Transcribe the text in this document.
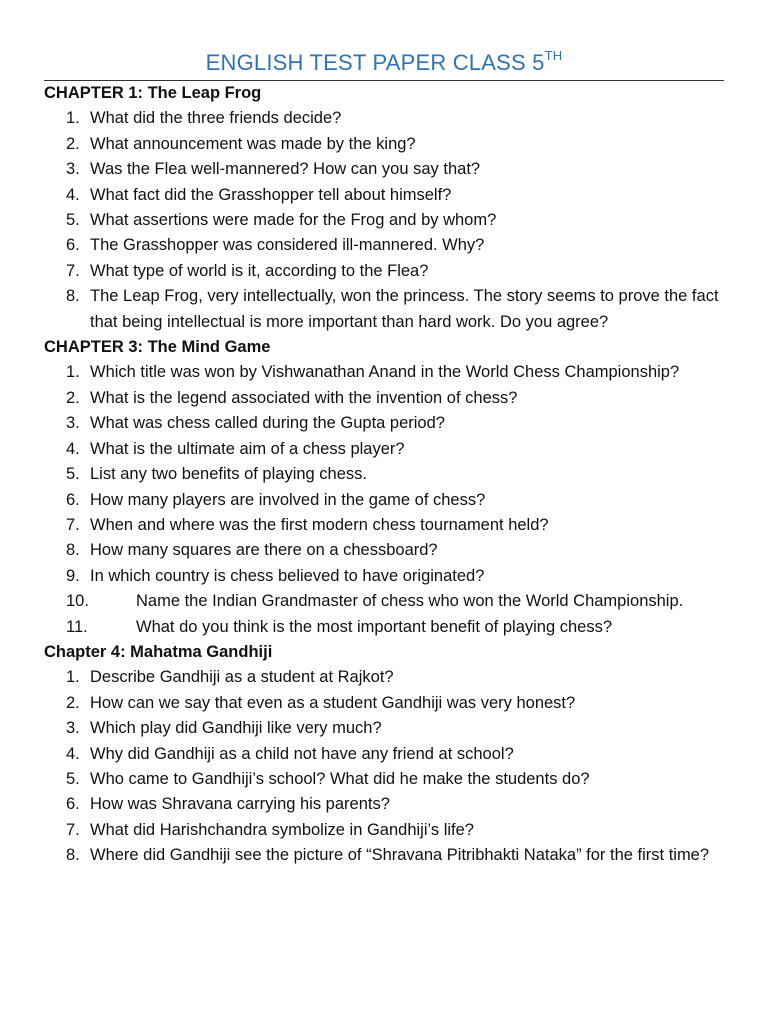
ENGLISH TEST PAPER CLASS 5TH

CHAPTER 1: The Leap Frog

1. What did the three friends decide?
2. What announcement was made by the king?
3. Was the Flea well-mannered? How can you say that?
4. What fact did the Grasshopper tell about himself?
5. What assertions were made for the Frog and by whom?
6. The Grasshopper was considered ill-mannered. Why?
7. What type of world is it, according to the Flea?
8. The Leap Frog, very intellectually, won the princess. The story seems to prove the fact that being intellectual is more important than hard work. Do you agree?

CHAPTER 3: The Mind Game

1. Which title was won by Vishwanathan Anand in the World Chess Championship?
2. What is the legend associated with the invention of chess?
3. What was chess called during the Gupta period?
4. What is the ultimate aim of a chess player?
5. List any two benefits of playing chess.
6. How many players are involved in the game of chess?
7. When and where was the first modern chess tournament held?
8. How many squares are there on a chessboard?
9. In which country is chess believed to have originated?
10.	Name the Indian Grandmaster of chess who won the World Championship.
11.	What do you think is the most important benefit of playing chess?

Chapter 4: Mahatma Gandhiji

1. Describe Gandhiji as a student at Rajkot?
2. How can we say that even as a student Gandhiji was very honest?
3. Which play did Gandhiji like very much?
4. Why did Gandhiji as a child not have any friend at school?
5. Who came to Gandhiji’s school? What did he make the students do?
6. How was Shravana carrying his parents?
7. What did Harishchandra symbolize in Gandhiji’s life?
8. Where did Gandhiji see the picture of “Shravana Pitribhakti Nataka” for the first time?
